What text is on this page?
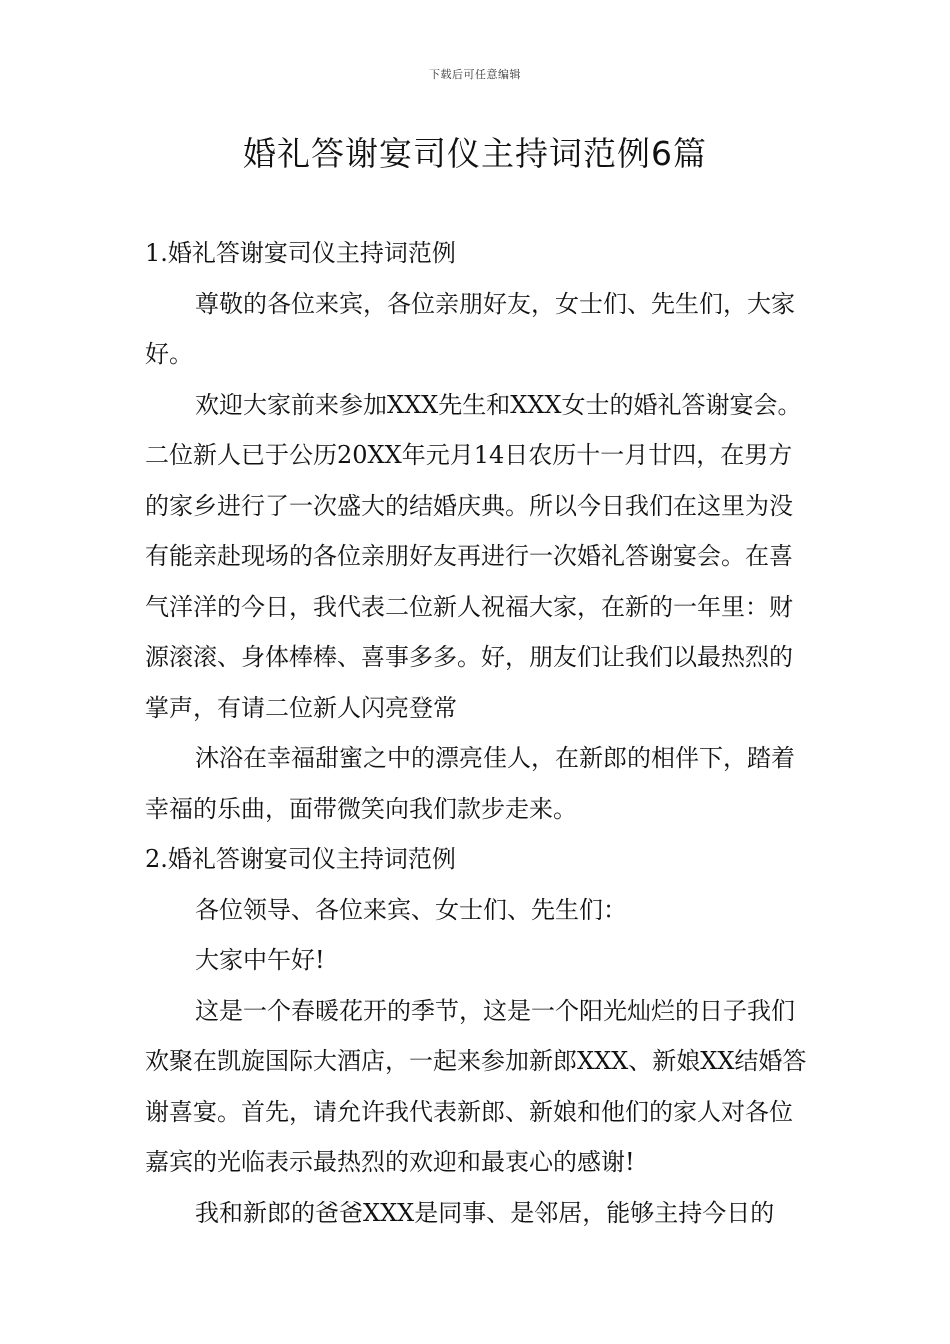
下载后可任意编辑
婚礼答谢宴司仪主持词范例6篇

1.婚礼答谢宴司仪主持词范例

尊敬的各位来宾，各位亲朋好友，女士们、先生们，大家好。

欢迎大家前来参加XXX先生和XXX女士的婚礼答谢宴会。二位新人已于公历20XX年元月14日农历十一月廿四，在男方的家乡进行了一次盛大的结婚庆典。所以今日我们在这里为没有能亲赴现场的各位亲朋好友再进行一次婚礼答谢宴会。在喜气洋洋的今日，我代表二位新人祝福大家，在新的一年里：财源滚滚、身体棒棒、喜事多多。好，朋友们让我们以最热烈的掌声，有请二位新人闪亮登常

沐浴在幸福甜蜜之中的漂亮佳人，在新郎的相伴下，踏着幸福的乐曲，面带微笑向我们款步走来。

2.婚礼答谢宴司仪主持词范例

各位领导、各位来宾、女士们、先生们：

大家中午好!

这是一个春暖花开的季节，这是一个阳光灿烂的日子我们欢聚在凯旋国际大酒店，一起来参加新郎XXX、新娘XX结婚答谢喜宴。首先，请允许我代表新郎、新娘和他们的家人对各位嘉宾的光临表示最热烈的欢迎和最衷心的感谢!

我和新郎的爸爸XXX是同事、是邻居，能够主持今日的
